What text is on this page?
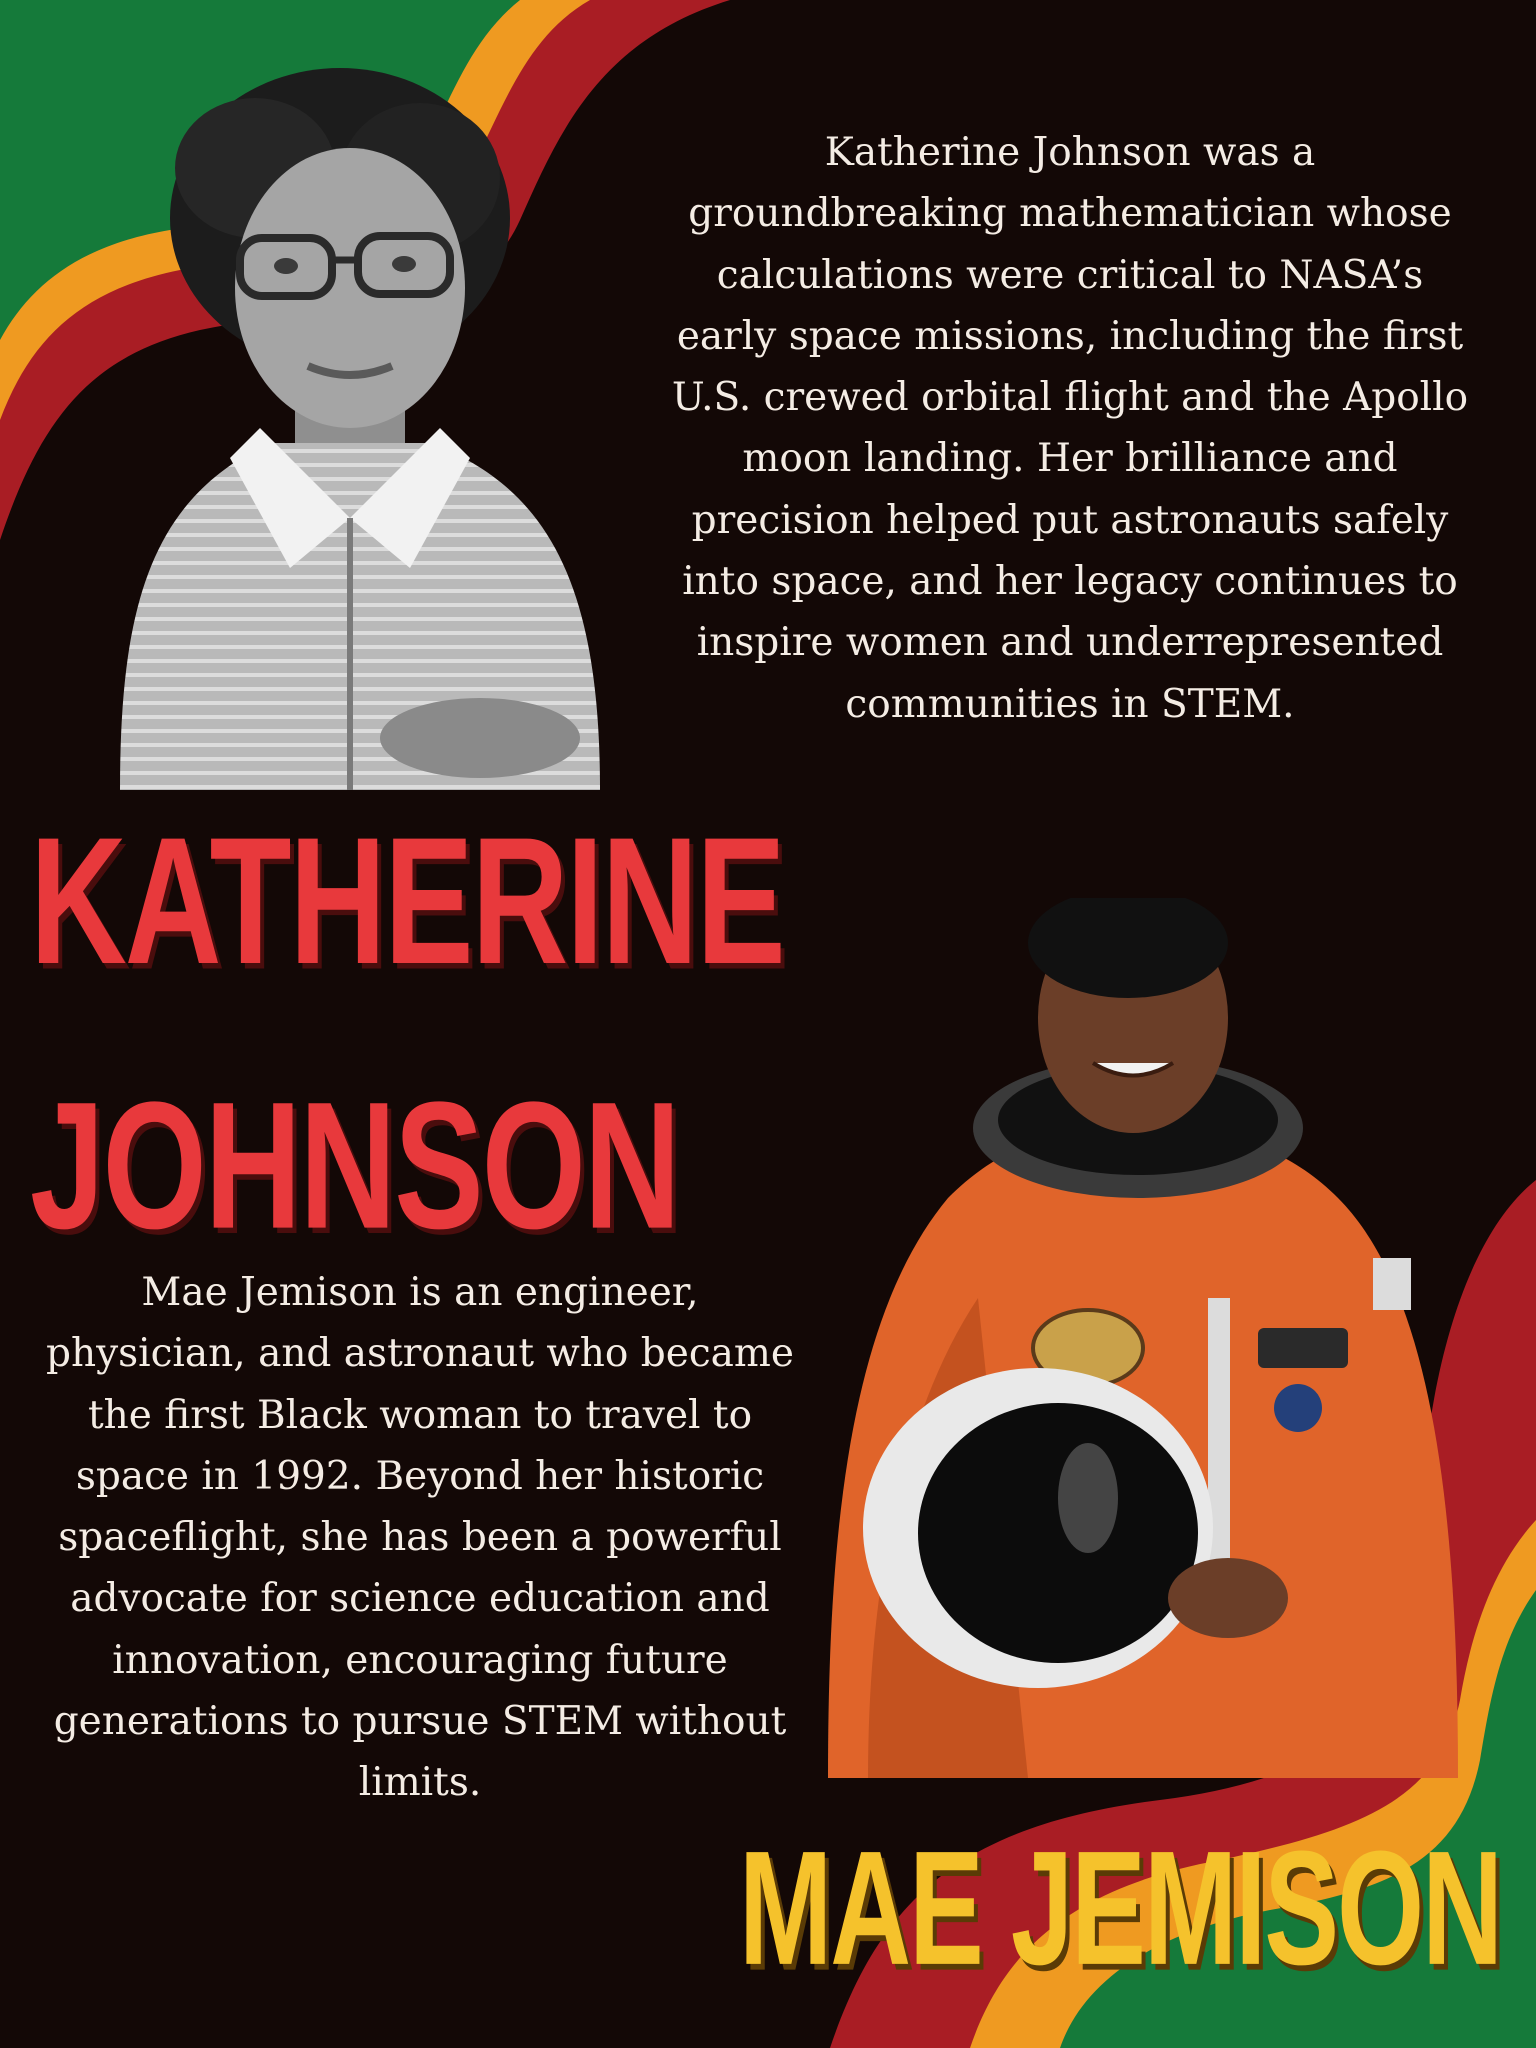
Katherine Johnson was a groundbreaking mathematician whose calculations were critical to NASA’s early space missions, including the first U.S. crewed orbital flight and the Apollo moon landing. Her brilliance and precision helped put astronauts safely into space, and her legacy continues to inspire women and underrepresented communities in STEM.

KATHERINE
JOHNSON

Mae Jemison is an engineer, physician, and astronaut who became the first Black woman to travel to space in 1992. Beyond her historic spaceflight, she has been a powerful advocate for science education and innovation, encouraging future generations to pursue STEM without limits.

MAE JEMISON
